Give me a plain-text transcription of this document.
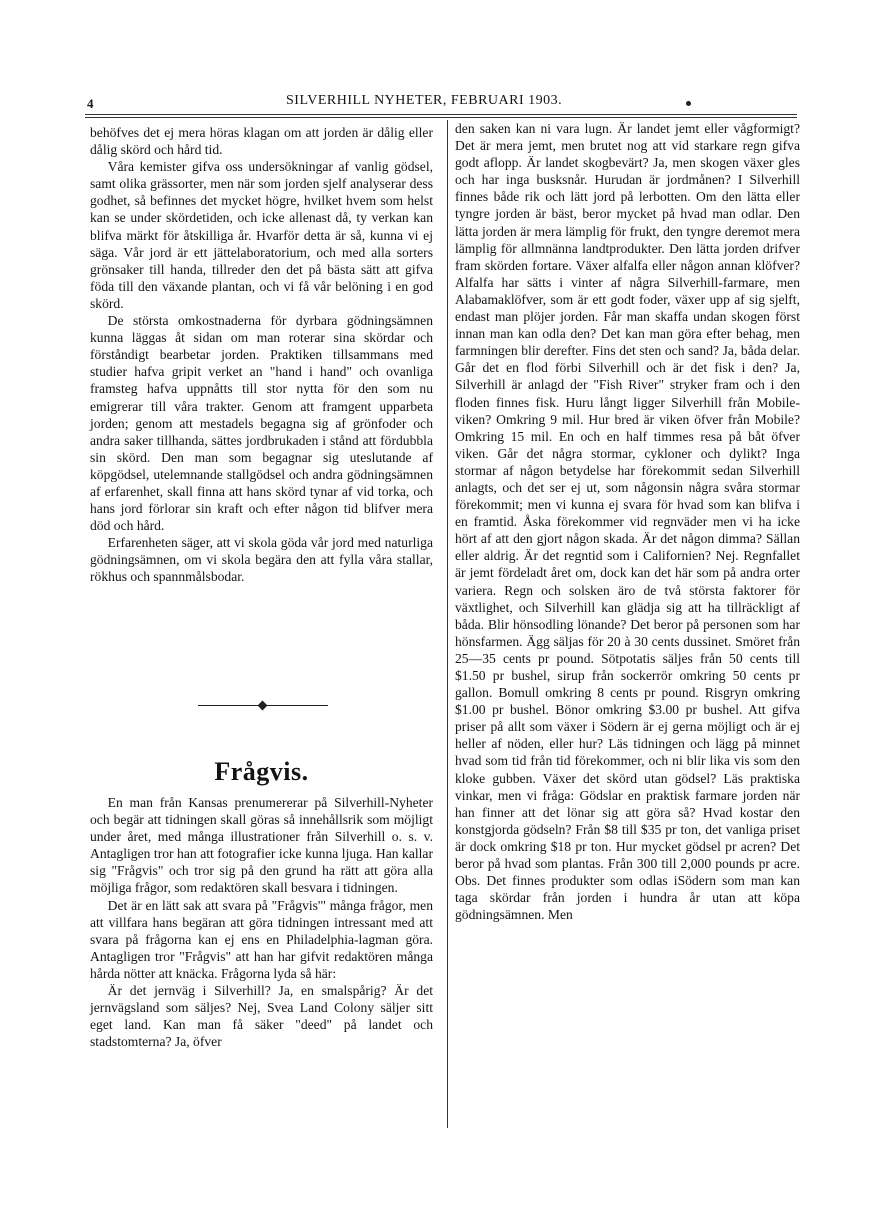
4	SILVERHILL NYHETER, FEBRUARI 1903.

behöfves det ej mera höras klagan om att jorden är dålig eller dålig skörd och hård tid.

Våra kemister gifva oss undersökningar af vanlig gödsel, samt olika grässorter, men när som jorden sjelf analyserar dess godhet, så befinnes det mycket högre, hvilket hvem som helst kan se under skördetiden, och icke allenast då, ty verkan kan blifva märkt för åtskilliga år. Hvarför detta är så, kunna vi ej säga. Vår jord är ett jättelaboratorium, och med alla sorters grönsaker till handa, tillreder den det på bästa sätt att gifva föda till den växande plantan, och vi få vår belöning i en god skörd.

De största omkostnaderna för dyrbara gödningsämnen kunna läggas åt sidan om man roterar sina skördar och förståndigt bearbetar jorden. Praktiken tillsammans med studier hafva gripit verket an "hand i hand" och ovanliga framsteg hafva uppnåtts till stor nytta för den som nu emigrerar till våra trakter. Genom att framgent upparbeta jorden; genom att mestadels begagna sig af grönfoder och andra saker tillhanda, sättes jordbrukaden i stånd att fördubbla sin skörd. Den man som begagnar sig uteslutande af köpgödsel, utelemnande stallgödsel och andra gödningsämnen af erfarenhet, skall finna att hans skörd tynar af vid torka, och hans jord förlorar sin kraft och efter någon tid blifver mera död och hård.

Erfarenheten säger, att vi skola göda vår jord med naturliga gödningsämnen, om vi skola begära den att fylla våra stallar, rökhus och spannmålsbodar.

Frågvis.

En man från Kansas prenumererar på Silverhill-Nyheter och begär att tidningen skall göras så innehållsrik som möjligt under året, med många illustrationer från Silverhill o. s. v. Antagligen tror han att fotografier icke kunna ljuga. Han kallar sig "Frågvis" och tror sig på den grund ha rätt att göra alla möjliga frågor, som redaktören skall besvara i tidningen.

Det är en lätt sak att svara på "Frågvis'" många frågor, men att villfara hans begäran att göra tidningen intressant med att svara på frågorna kan ej ens en Philadelphia-lagman göra. Antagligen tror "Frågvis" att han har gifvit redaktören många hårda nötter att knäcka. Frågorna lyda så här:

Är det jernväg i Silverhill? Ja, en smalspårig? Är det jernvägsland som säljes? Nej, Svea Land Colony säljer sitt eget land. Kan man få säker "deed" på landet och stadstomterna? Ja, öfver

den saken kan ni vara lugn. Är landet jemt eller vågformigt? Det är mera jemt, men brutet nog att vid starkare regn gifva godt aflopp. Är landet skogbevärt? Ja, men skogen växer gles och har inga busksnår. Hurudan är jordmånen? I Silverhill finnes både rik och lätt jord på lerbotten. Om den lätta eller tyngre jorden är bäst, beror mycket på hvad man odlar. Den lätta jorden är mera lämplig för frukt, den tyngre deremot mera lämplig för allmnänna landtprodukter. Den lätta jorden drifver fram skörden fortare. Växer alfalfa eller någon annan klöfver? Alfalfa har sätts i vinter af några Silverhill-farmare, men Alabamaklöfver, som är ett godt foder, växer upp af sig sjelft, endast man plöjer jorden. Får man skaffa undan skogen först innan man kan odla den? Det kan man göra efter behag, men farmningen blir derefter. Fins det sten och sand? Ja, båda delar. Går det en flod förbi Silverhill och är det fisk i den? Ja, Silverhill är anlagd der "Fish River" stryker fram och i den floden finnes fisk. Huru långt ligger Silverhill från Mobile-viken? Omkring 9 mil. Hur bred är viken öfver från Mobile? Omkring 15 mil. En och en half timmes resa på båt öfver viken. Går det några stormar, cykloner och dylikt? Inga stormar af någon betydelse har förekommit sedan Silverhill anlagts, och det ser ej ut, som någonsin några svåra stormar förekommit; men vi kunna ej svara för hvad som kan blifva i en framtid. Åska förekommer vid regnväder men vi ha icke hört af att den gjort någon skada. Är det någon dimma? Sällan eller aldrig. Är det regntid som i Californien? Nej. Regnfallet är jemt fördeladt året om, dock kan det här som på andra orter variera. Regn och solsken äro de två största faktorer för växtlighet, och Silverhill kan glädja sig att ha tillräckligt af båda. Blir hönsodling lönande? Det beror på personen som har hönsfarmen. Ägg säljas för 20 à 30 cents dussinet. Smöret från 25—35 cents pr pound. Sötpotatis säljes från 50 cents till $1.50 pr bushel, sirup från sockerrör omkring 50 cents pr gallon. Bomull omkring 8 cents pr pound. Risgryn omkring $1.00 pr bushel. Bönor omkring $3.00 pr bushel. Att gifva priser på allt som växer i Södern är ej gerna möjligt och är ej heller af nöden, eller hur? Läs tidningen och lägg på minnet hvad som tid från tid förekommer, och ni blir lika vis som den kloke gubben. Växer det skörd utan gödsel? Läs praktiska vinkar, men vi fråga: Gödslar en praktisk farmare jorden när han finner att det lönar sig att göra så? Hvad kostar den konstgjorda gödseln? Från $8 till $35 pr ton, det vanliga priset är dock omkring $18 pr ton. Hur mycket gödsel pr acren? Det beror på hvad som plantas. Från 300 till 2,000 pounds pr acre. Obs. Det finnes produkter som odlas iSödern som man kan taga skördar från jorden i hundra år utan att köpa gödningsämnen. Men
